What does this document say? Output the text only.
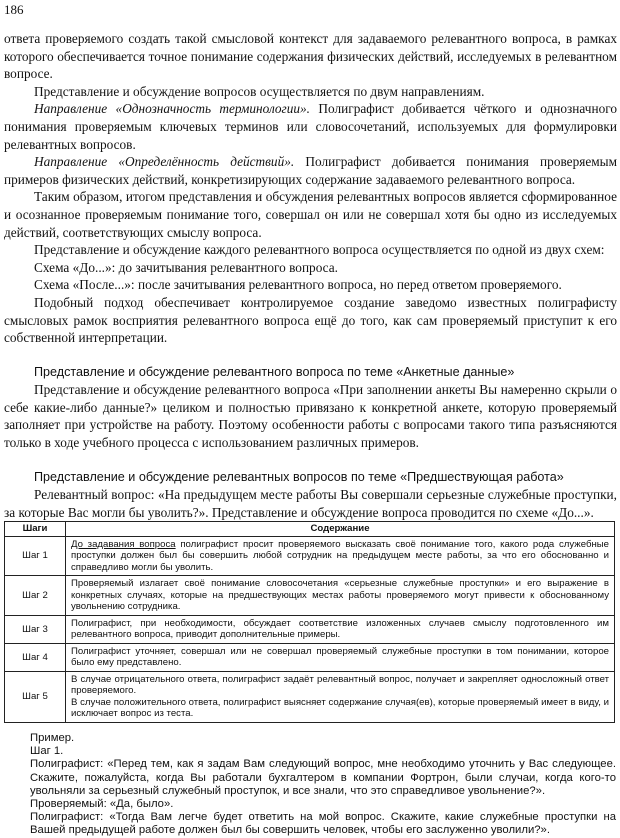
186

ответа проверяемого создать такой смысловой контекст для задаваемого релевантного вопроса, в рамках которого обеспечивается точное понимание содержания физических действий, исследуемых в релевантном вопросе.

Представление и обсуждение вопросов осуществляется по двум направлениям.

Направление «Однозначность терминологии». Полиграфист добивается чёткого и однозначного понимания проверяемым ключевых терминов или словосочетаний, используемых для формулировки релевантных вопросов.

Направление «Определённость действий». Полиграфист добивается понимания проверяемым примеров физических действий, конкретизирующих содержание задаваемого релевантного вопроса.

Таким образом, итогом представления и обсуждения релевантных вопросов является сформированное и осознанное проверяемым понимание того, совершал он или не совершал хотя бы одно из исследуемых действий, соответствующих смыслу вопроса.

Представление и обсуждение каждого релевантного вопроса осуществляется по одной из двух схем:

Схема «До...»: до зачитывания релевантного вопроса.

Схема «После...»: после зачитывания релевантного вопроса, но перед ответом проверяемого.

Подобный подход обеспечивает контролируемое создание заведомо известных полиграфисту смысловых рамок восприятия релевантного вопроса ещё до того, как сам проверяемый приступит к его собственной интерпретации.

Представление и обсуждение релевантного вопроса по теме «Анкетные данные»

Представление и обсуждение релевантного вопроса «При заполнении анкеты Вы намеренно скрыли о себе какие-либо данные?» целиком и полностью привязано к конкретной анкете, которую проверяемый заполняет при устройстве на работу. Поэтому особенности работы с вопросами такого типа разъясняются только в ходе учебного процесса с использованием различных примеров.

Представление и обсуждение релевантных вопросов по теме «Предшествующая работа»

Релевантный вопрос: «На предыдущем месте работы Вы совершали серьезные служебные проступки, за которые Вас могли бы уволить?». Представление и обсуждение вопроса проводится по схеме «До...».

Шаги	Содержание
Шаг 1	До задавания вопроса полиграфист просит проверяемого высказать своё понимание того, какого рода служебные проступки должен был бы совершить любой сотрудник на предыдущем месте работы, за что его обоснованно и справедливо могли бы уволить.
Шаг 2	Проверяемый излагает своё понимание словосочетания «серьезные служебные проступки» и его выражение в конкретных случаях, которые на предшествующих местах работы проверяемого могут привести к обоснованному увольнению сотрудника.
Шаг 3	Полиграфист, при необходимости, обсуждает соответствие изложенных случаев смыслу подготовленного им релевантного вопроса, приводит дополнительные примеры.
Шаг 4	Полиграфист уточняет, совершал или не совершал проверяемый служебные проступки в том понимании, которое было ему представлено.
Шаг 5	В случае отрицательного ответа, полиграфист задаёт релевантный вопрос, получает и закрепляет односложный ответ проверяемого.

В случае положительного ответа, полиграфист выясняет содержание случая(ев), которые проверяемый имеет в виду, и исключает вопрос из теста.

Пример.

Шаг 1.

Полиграфист: «Перед тем, как я задам Вам следующий вопрос, мне необходимо уточнить у Вас следующее. Скажите, пожалуйста, когда Вы работали бухгалтером в компании Фортрон, были случаи, когда кого-то увольняли за серьезный служебный проступок, и все знали, что это справедливое увольнение?».

Проверяемый: «Да, было».

Полиграфист: «Тогда Вам легче будет ответить на мой вопрос. Скажите, какие служебные проступки на Вашей предыдущей работе должен был бы совершить человек, чтобы его заслуженно уволили?».
